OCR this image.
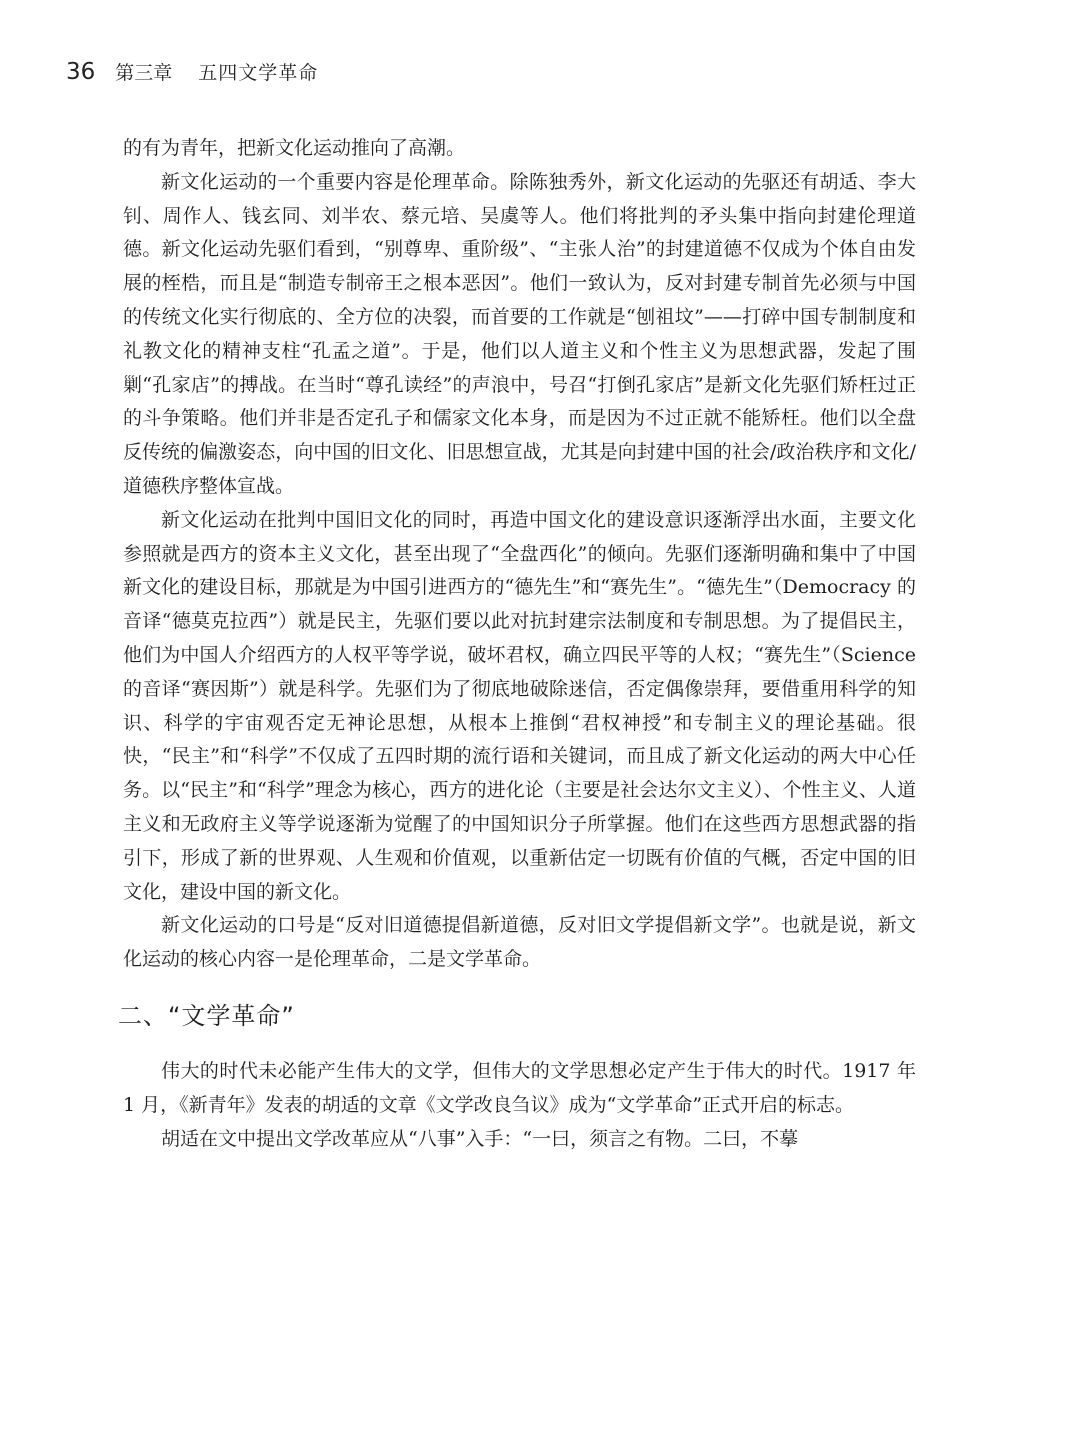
36 第三章 五四文学革命

的有为青年，把新文化运动推向了高潮。

新文化运动的一个重要内容是伦理革命。除陈独秀外，新文化运动的先驱还有胡适、李大钊、周作人、钱玄同、刘半农、蔡元培、吴虞等人。他们将批判的矛头集中指向封建伦理道德。新文化运动先驱们看到，“别尊卑、重阶级”、“主张人治”的封建道德不仅成为个体自由发展的桎梏，而且是“制造专制帝王之根本恶因”。他们一致认为，反对封建专制首先必须与中国的传统文化实行彻底的、全方位的决裂，而首要的工作就是“刨祖坟”——打碎中国专制制度和礼教文化的精神支柱“孔孟之道”。于是，他们以人道主义和个性主义为思想武器，发起了围剿“孔家店”的搏战。在当时“尊孔读经”的声浪中，号召“打倒孔家店”是新文化先驱们矫枉过正的斗争策略。他们并非是否定孔子和儒家文化本身，而是因为不过正就不能矫枉。他们以全盘反传统的偏激姿态，向中国的旧文化、旧思想宣战，尤其是向封建中国的社会/政治秩序和文化/道德秩序整体宣战。

新文化运动在批判中国旧文化的同时，再造中国文化的建设意识逐渐浮出水面，主要文化参照就是西方的资本主义文化，甚至出现了“全盘西化”的倾向。先驱们逐渐明确和集中了中国新文化的建设目标，那就是为中国引进西方的“德先生”和“赛先生”。“德先生”（Democracy 的音译“德莫克拉西”）就是民主，先驱们要以此对抗封建宗法制度和专制思想。为了提倡民主，他们为中国人介绍西方的人权平等学说，破坏君权，确立四民平等的人权；“赛先生”（Science 的音译“赛因斯”）就是科学。先驱们为了彻底地破除迷信，否定偶像崇拜，要借重用科学的知识、科学的宇宙观否定无神论思想，从根本上推倒“君权神授”和专制主义的理论基础。很快，“民主”和“科学”不仅成了五四时期的流行语和关键词，而且成了新文化运动的两大中心任务。以“民主”和“科学”理念为核心，西方的进化论（主要是社会达尔文主义）、个性主义、人道主义和无政府主义等学说逐渐为觉醒了的中国知识分子所掌握。他们在这些西方思想武器的指引下，形成了新的世界观、人生观和价值观，以重新估定一切既有价值的气概，否定中国的旧文化，建设中国的新文化。

新文化运动的口号是“反对旧道德提倡新道德，反对旧文学提倡新文学”。也就是说，新文化运动的核心内容一是伦理革命，二是文学革命。

二、“文学革命”

伟大的时代未必能产生伟大的文学，但伟大的文学思想必定产生于伟大的时代。1917 年 1 月，《新青年》发表的胡适的文章《文学改良刍议》成为“文学革命”正式开启的标志。

胡适在文中提出文学改革应从“八事”入手：“一曰，须言之有物。二曰，不摹
